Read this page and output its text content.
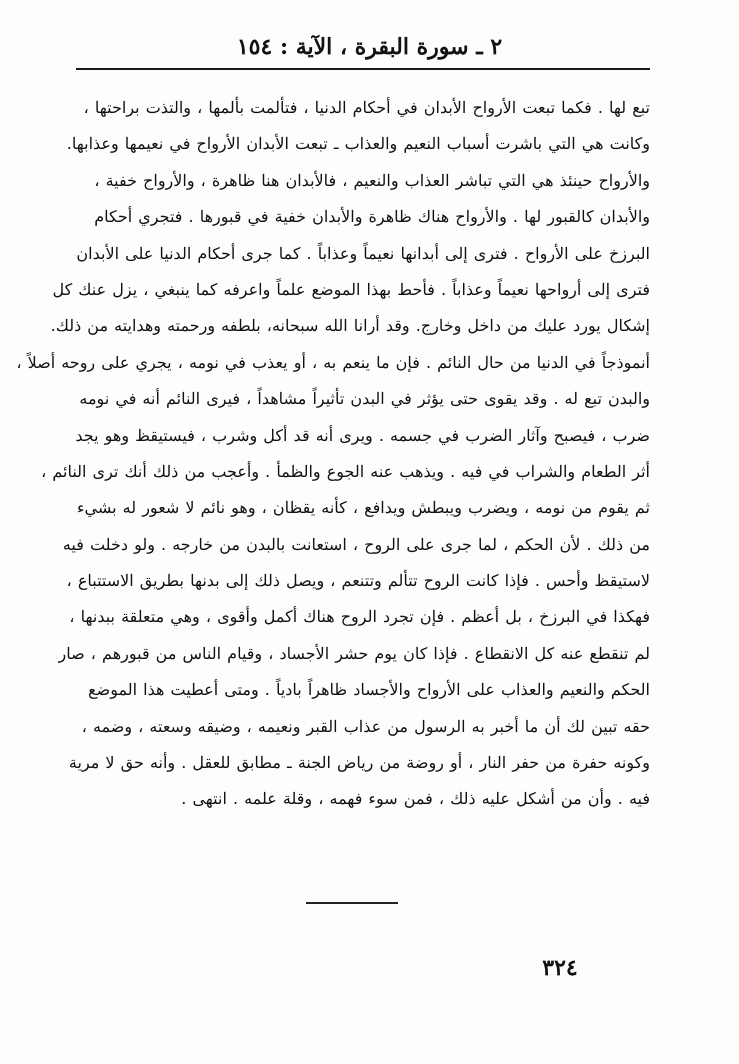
٢ ـ سورة البقرة ، الآية : ١٥٤
تبع لها . فكما تبعت الأرواح الأبدان في أحكام الدنيا ، فتألمت بألمها ، والتذت براحتها ،
وكانت هي التي باشرت أسباب النعيم والعذاب ـ تبعت الأبدان الأرواح في نعيمها وعذابها.
والأرواح حينئذ هي التي تباشر العذاب والنعيم ، فالأبدان هنا ظاهرة ، والأرواح خفية ،
والأبدان كالقبور لها . والأرواح هناك ظاهرة والأبدان خفية في قبورها . فتجري أحكام
البرزخ على الأرواح . فترى إلى أبدانها نعيماً وعذاباً . كما جرى أحكام الدنيا على الأبدان
فترى إلى أرواحها نعيماً وعذاباً . فأحط بهذا الموضع علماً واعرفه كما ينبغي ، يزل عنك كل
إشكال يورد عليك من داخل وخارج. وقد أرانا الله سبحانه، بلطفه ورحمته وهدايته من ذلك.
أنموذجاً في الدنيا من حال النائم . فإن ما ينعم به ، أو يعذب في نومه ، يجري على روحه أصلاً ،
والبدن تبع له . وقد يقوى حتى يؤثر في البدن تأثيراً مشاهداً ، فيرى النائم أنه في نومه
ضرب ، فيصبح وآثار الضرب في جسمه . ويرى أنه قد أكل وشرب ، فيستيقظ وهو يجد
أثر الطعام والشراب في فيه . ويذهب عنه الجوع والظمأ . وأعجب من ذلك أنك ترى النائم ،
ثم يقوم من نومه ، ويضرب ويبطش ويدافع ، كأنه يقظان ، وهو نائم لا شعور له بشيء
من ذلك . لأن الحكم ، لما جرى على الروح ، استعانت بالبدن من خارجه . ولو دخلت فيه
لاستيقظ وأحس . فإذا كانت الروح تتألم وتتنعم ، ويصل ذلك إلى بدنها بطريق الاستتباع ،
فهكذا في البرزخ ، بل أعظم . فإن تجرد الروح هناك أكمل وأقوى ، وهي متعلقة ببدنها ،
لم تنقطع عنه كل الانقطاع . فإذا كان يوم حشر الأجساد ، وقيام الناس من قبورهم ، صار
الحكم والنعيم والعذاب على الأرواح والأجساد ظاهراً بادياً . ومتى أعطيت هذا الموضع
حقه تبين لك أن ما أخبر به الرسول من عذاب القبر ونعيمه ، وضيقه وسعته ، وضمه ،
وكونه حفرة من حفر النار ، أو روضة من رياض الجنة ـ مطابق للعقل . وأنه حق لا مرية
فيه . وأن من أشكل عليه ذلك ، فمن سوء فهمه ، وقلة علمه . انتهى .
٣٢٤
